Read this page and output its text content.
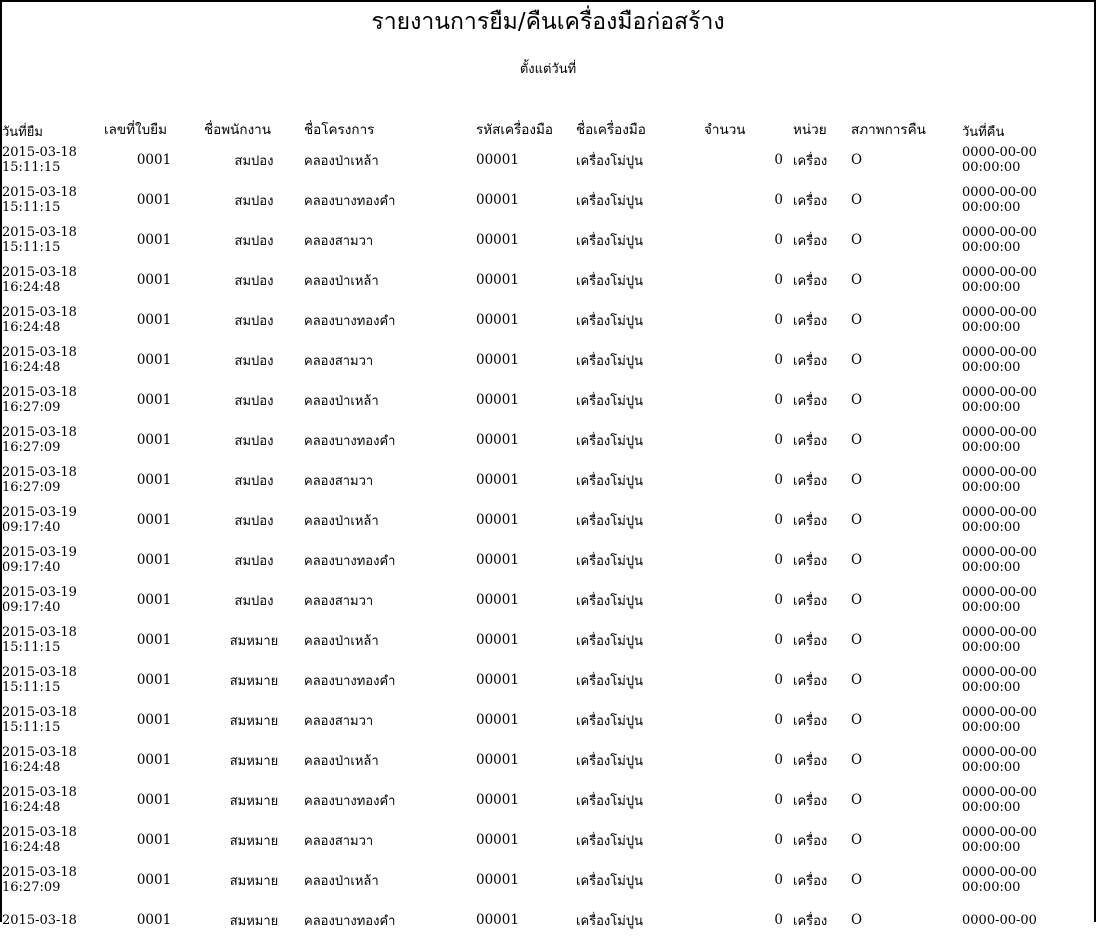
รายงานการยืม/คืนเครื่องมือก่อสร้าง
ตั้งแต่วันที่
วันที่ยืม	เลขที่ใบยืม	ชื่อพนักงาน	ชื่อโครงการ	รหัสเครื่องมือ	ชื่อเครื่องมือ	จำนวน	หน่วย	สภาพการคืน	วันที่คืน
2015-03-18 15:11:15	0001	สมปอง	คลองป่าเหล้า	00001	เครื่องโม่ปูน	0	เครื่อง	O	0000-00-00 00:00:00
2015-03-18 15:11:15	0001	สมปอง	คลองบางทองคำ	00001	เครื่องโม่ปูน	0	เครื่อง	O	0000-00-00 00:00:00
2015-03-18 15:11:15	0001	สมปอง	คลองสามวา	00001	เครื่องโม่ปูน	0	เครื่อง	O	0000-00-00 00:00:00
2015-03-18 16:24:48	0001	สมปอง	คลองป่าเหล้า	00001	เครื่องโม่ปูน	0	เครื่อง	O	0000-00-00 00:00:00
2015-03-18 16:24:48	0001	สมปอง	คลองบางทองคำ	00001	เครื่องโม่ปูน	0	เครื่อง	O	0000-00-00 00:00:00
2015-03-18 16:24:48	0001	สมปอง	คลองสามวา	00001	เครื่องโม่ปูน	0	เครื่อง	O	0000-00-00 00:00:00
2015-03-18 16:27:09	0001	สมปอง	คลองป่าเหล้า	00001	เครื่องโม่ปูน	0	เครื่อง	O	0000-00-00 00:00:00
2015-03-18 16:27:09	0001	สมปอง	คลองบางทองคำ	00001	เครื่องโม่ปูน	0	เครื่อง	O	0000-00-00 00:00:00
2015-03-18 16:27:09	0001	สมปอง	คลองสามวา	00001	เครื่องโม่ปูน	0	เครื่อง	O	0000-00-00 00:00:00
2015-03-19 09:17:40	0001	สมปอง	คลองป่าเหล้า	00001	เครื่องโม่ปูน	0	เครื่อง	O	0000-00-00 00:00:00
2015-03-19 09:17:40	0001	สมปอง	คลองบางทองคำ	00001	เครื่องโม่ปูน	0	เครื่อง	O	0000-00-00 00:00:00
2015-03-19 09:17:40	0001	สมปอง	คลองสามวา	00001	เครื่องโม่ปูน	0	เครื่อง	O	0000-00-00 00:00:00
2015-03-18 15:11:15	0001	สมหมาย	คลองป่าเหล้า	00001	เครื่องโม่ปูน	0	เครื่อง	O	0000-00-00 00:00:00
2015-03-18 15:11:15	0001	สมหมาย	คลองบางทองคำ	00001	เครื่องโม่ปูน	0	เครื่อง	O	0000-00-00 00:00:00
2015-03-18 15:11:15	0001	สมหมาย	คลองสามวา	00001	เครื่องโม่ปูน	0	เครื่อง	O	0000-00-00 00:00:00
2015-03-18 16:24:48	0001	สมหมาย	คลองป่าเหล้า	00001	เครื่องโม่ปูน	0	เครื่อง	O	0000-00-00 00:00:00
2015-03-18 16:24:48	0001	สมหมาย	คลองบางทองคำ	00001	เครื่องโม่ปูน	0	เครื่อง	O	0000-00-00 00:00:00
2015-03-18 16:24:48	0001	สมหมาย	คลองสามวา	00001	เครื่องโม่ปูน	0	เครื่อง	O	0000-00-00 00:00:00
2015-03-18 16:27:09	0001	สมหมาย	คลองป่าเหล้า	00001	เครื่องโม่ปูน	0	เครื่อง	O	0000-00-00 00:00:00
2015-03-18	0001	สมหมาย	คลองบางทองคำ	00001	เครื่องโม่ปูน	0	เครื่อง	O	0000-00-00
